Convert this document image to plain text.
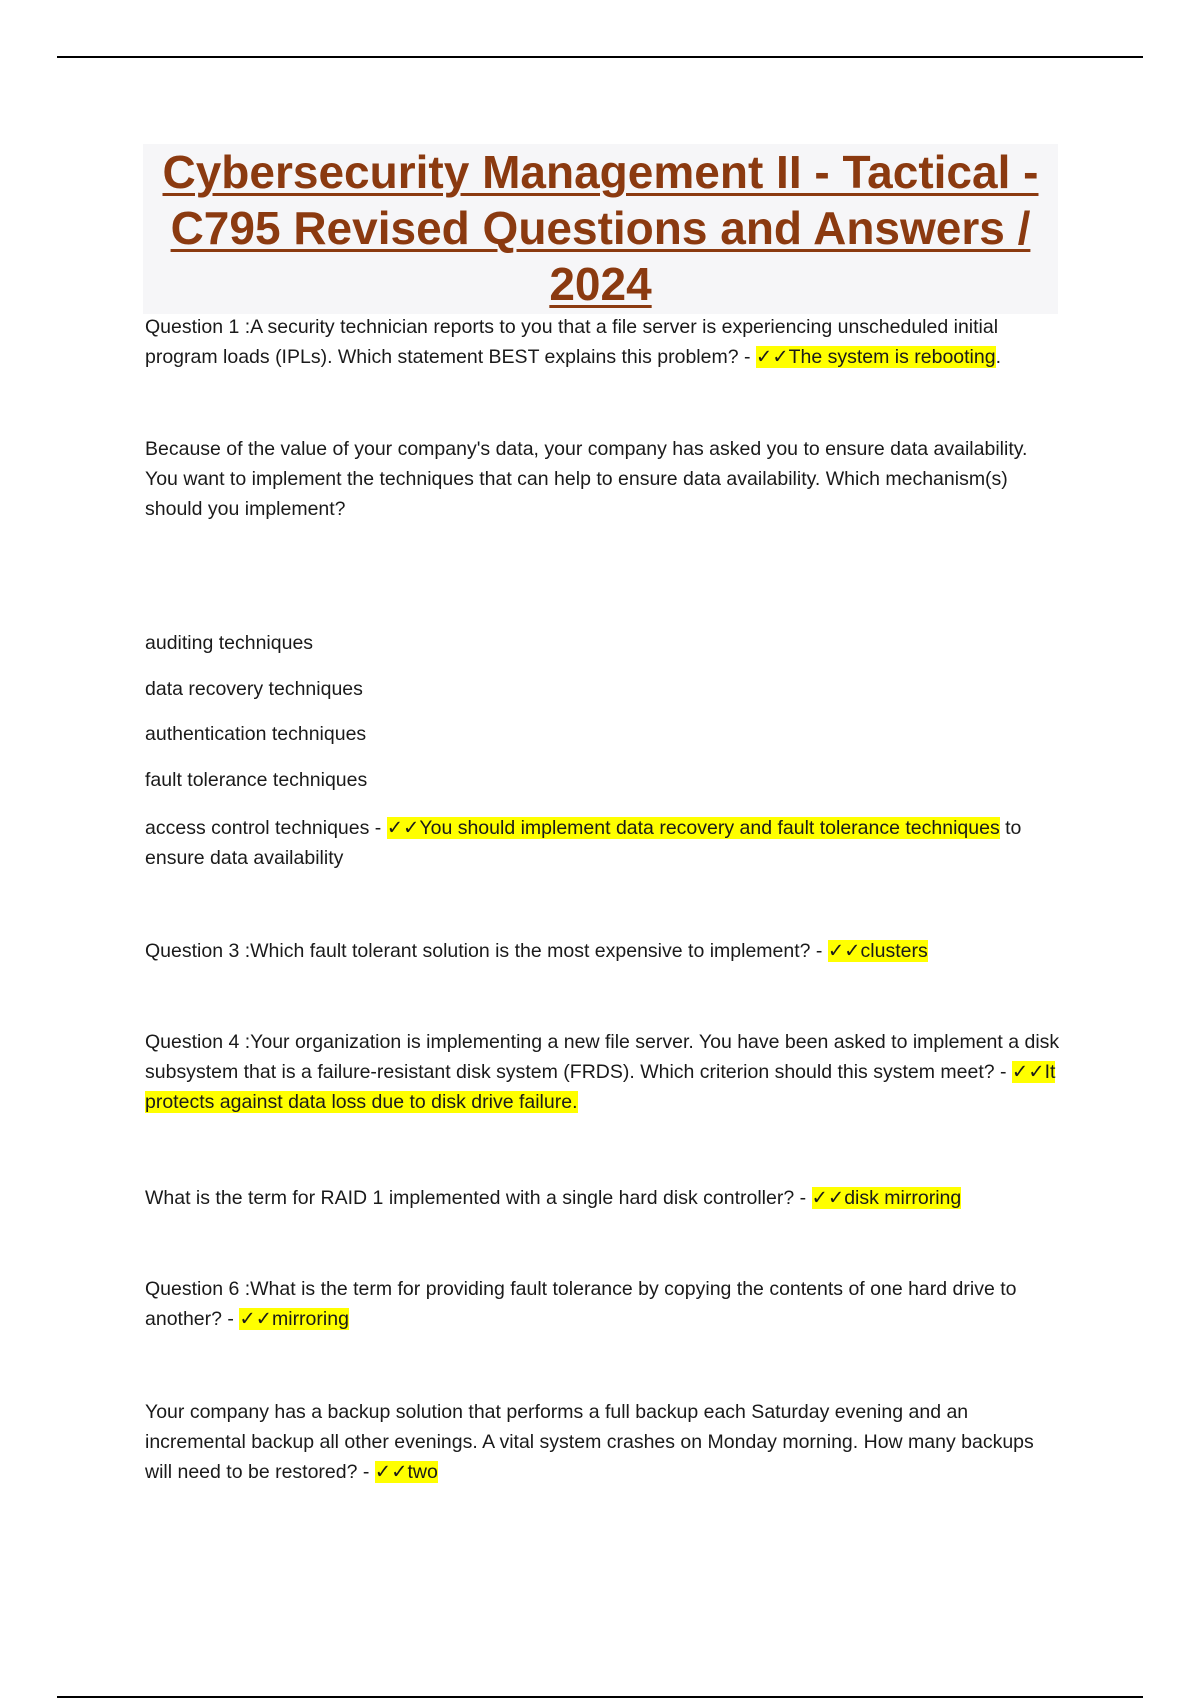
Cybersecurity Management II - Tactical - C795 Revised Questions and Answers / 2024

Question 1 :A security technician reports to you that a file server is experiencing unscheduled initial program loads (IPLs). Which statement BEST explains this problem? - ✓✓The system is rebooting.

Because of the value of your company's data, your company has asked you to ensure data availability. You want to implement the techniques that can help to ensure data availability. Which mechanism(s) should you implement?

auditing techniques
data recovery techniques
authentication techniques
fault tolerance techniques

access control techniques - ✓✓You should implement data recovery and fault tolerance techniques to ensure data availability

Question 3 :Which fault tolerant solution is the most expensive to implement? - ✓✓clusters

Question 4 :Your organization is implementing a new file server. You have been asked to implement a disk subsystem that is a failure-resistant disk system (FRDS). Which criterion should this system meet? - ✓✓It protects against data loss due to disk drive failure.

What is the term for RAID 1 implemented with a single hard disk controller? - ✓✓disk mirroring

Question 6 :What is the term for providing fault tolerance by copying the contents of one hard drive to another? - ✓✓mirroring

Your company has a backup solution that performs a full backup each Saturday evening and an incremental backup all other evenings. A vital system crashes on Monday morning. How many backups will need to be restored? - ✓✓two
